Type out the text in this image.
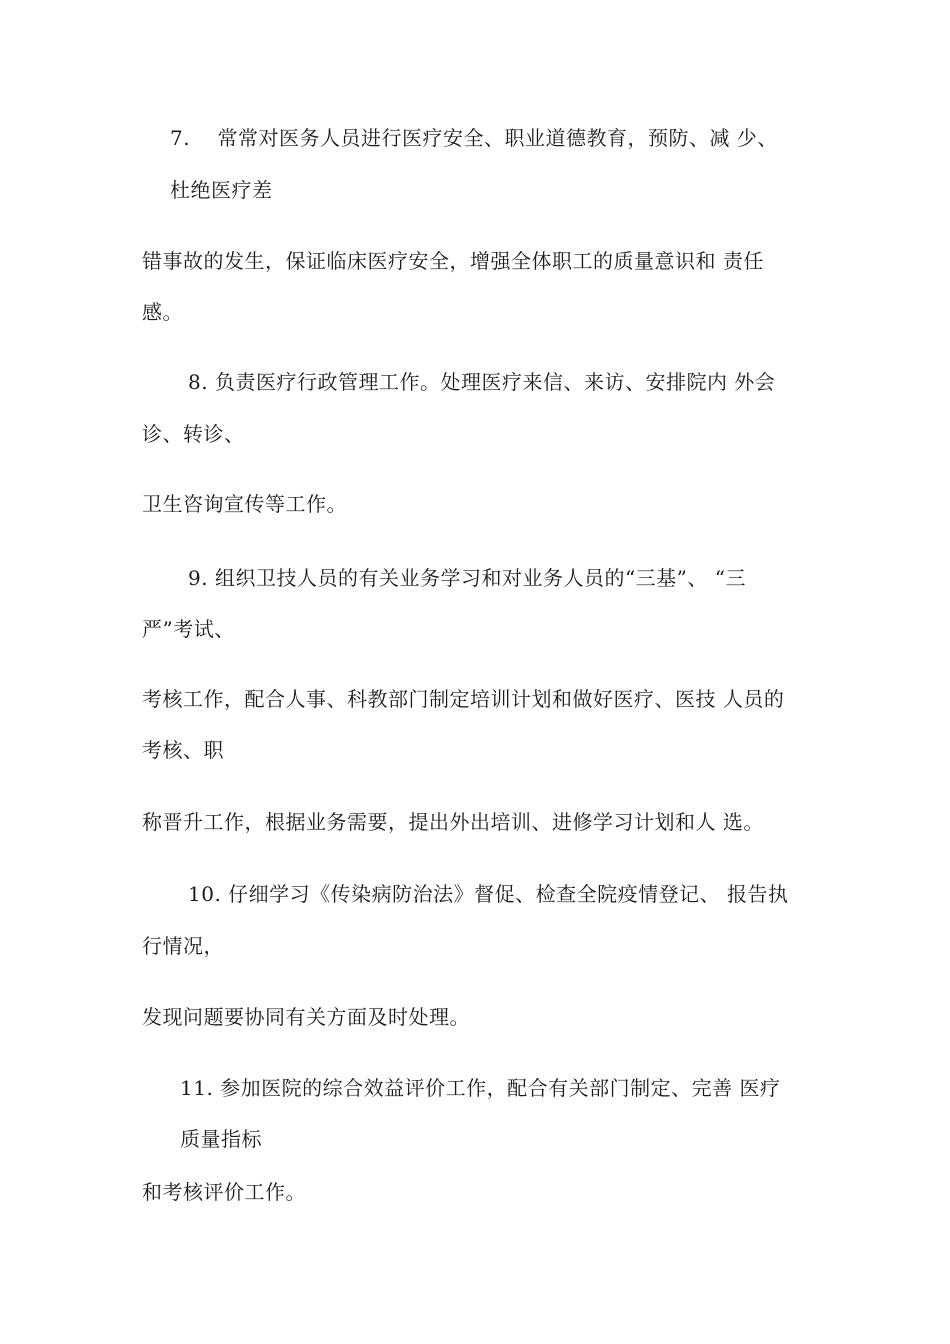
7.　 常常对医务人员进行医疗安全、职业道德教育，预防、减 少、
杜绝医疗差
错事故的发生，保证临床医疗安全，增强全体职工的质量意识和 责任
感。
8. 负责医疗行政管理工作。处理医疗来信、来访、安排院内 外会
诊、转诊、
卫生咨询宣传等工作。
9. 组织卫技人员的有关业务学习和对业务人员的“三基”、 “三
严”考试、
考核工作，配合人事、科教部门制定培训计划和做好医疗、医技 人员的
考核、职
称晋升工作，根据业务需要，提出外出培训、进修学习计划和人 选。
10. 仔细学习《传染病防治法》督促、检查全院疫情登记、 报告执
行情况，
发现问题要协同有关方面及时处理。
11. 参加医院的综合效益评价工作，配合有关部门制定、完善 医疗
质量指标
和考核评价工作。
